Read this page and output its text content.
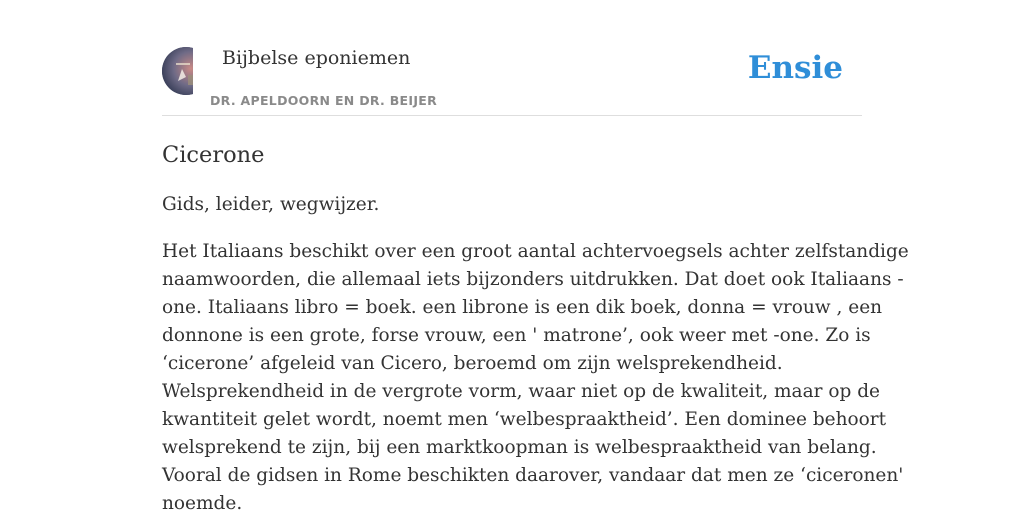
Bijbelse eponiemen
DR. APELDOORN EN DR. BEIJER
Ensie
Cicerone

Gids, leider, wegwijzer.

Het Italiaans beschikt over een groot aantal achtervoegsels achter zelfstandige
naamwoorden, die allemaal iets bijzonders uitdrukken. Dat doet ook Italiaans -
one. Italiaans libro = boek. een librone is een dik boek, donna = vrouw , een
donnone is een grote, forse vrouw, een ' matrone’, ook weer met -one. Zo is
‘cicerone’ afgeleid van Cicero, beroemd om zijn welsprekendheid.
Welsprekendheid in de vergrote vorm, waar niet op de kwaliteit, maar op de
kwantiteit gelet wordt, noemt men ‘welbespraaktheid’. Een dominee behoort
welsprekend te zijn, bij een marktkoopman is welbespraaktheid van belang.
Vooral de gidsen in Rome beschikten daarover, vandaar dat men ze ‘ciceronen'
noemde.
